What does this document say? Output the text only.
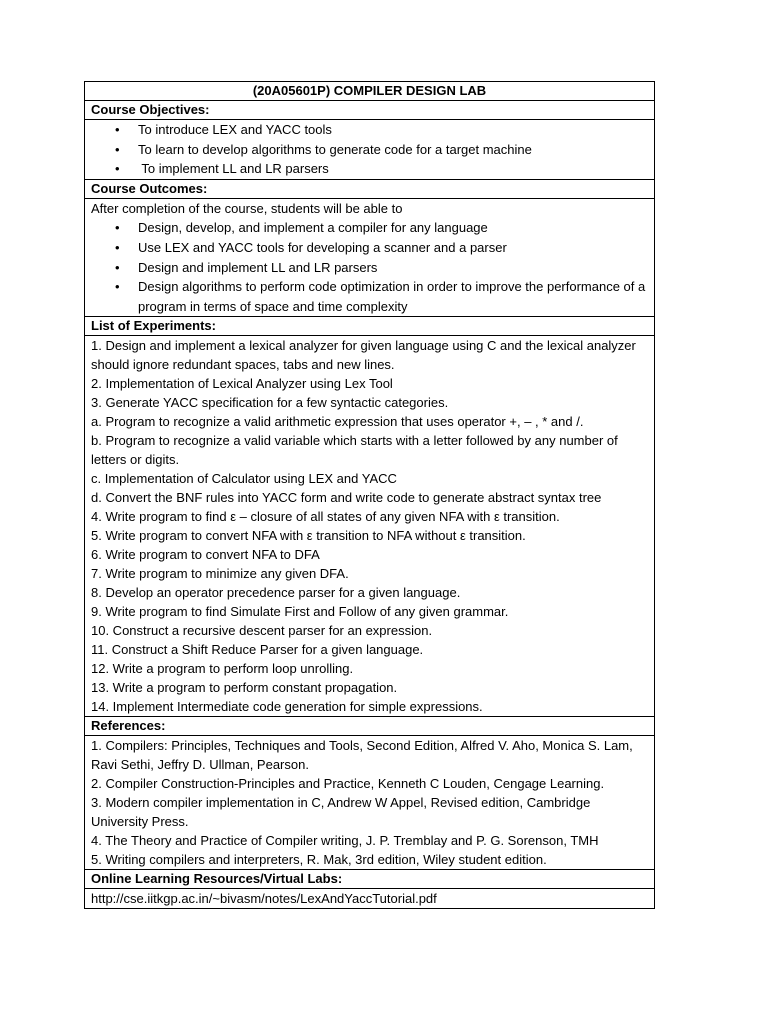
(20A05601P) COMPILER DESIGN LAB
Course Objectives:
• To introduce LEX and YACC tools
• To learn to develop algorithms to generate code for a target machine
• To implement LL and LR parsers
Course Outcomes:
After completion of the course, students will be able to
• Design, develop, and implement a compiler for any language
• Use LEX and YACC tools for developing a scanner and a parser
• Design and implement LL and LR parsers
• Design algorithms to perform code optimization in order to improve the performance of a program in terms of space and time complexity
List of Experiments:
1. Design and implement a lexical analyzer for given language using C and the lexical analyzer should ignore redundant spaces, tabs and new lines.
2. Implementation of Lexical Analyzer using Lex Tool
3. Generate YACC specification for a few syntactic categories.
a. Program to recognize a valid arithmetic expression that uses operator +, – , * and /.
b. Program to recognize a valid variable which starts with a letter followed by any number of letters or digits.
c. Implementation of Calculator using LEX and YACC
d. Convert the BNF rules into YACC form and write code to generate abstract syntax tree
4. Write program to find ε – closure of all states of any given NFA with ε transition.
5. Write program to convert NFA with ε transition to NFA without ε transition.
6. Write program to convert NFA to DFA
7. Write program to minimize any given DFA.
8. Develop an operator precedence parser for a given language.
9. Write program to find Simulate First and Follow of any given grammar.
10. Construct a recursive descent parser for an expression.
11. Construct a Shift Reduce Parser for a given language.
12. Write a program to perform loop unrolling.
13. Write a program to perform constant propagation.
14. Implement Intermediate code generation for simple expressions.
References:
1. Compilers: Principles, Techniques and Tools, Second Edition, Alfred V. Aho, Monica S. Lam, Ravi Sethi, Jeffry D. Ullman, Pearson.
2. Compiler Construction-Principles and Practice, Kenneth C Louden, Cengage Learning.
3. Modern compiler implementation in C, Andrew W Appel, Revised edition, Cambridge University Press.
4. The Theory and Practice of Compiler writing, J. P. Tremblay and P. G. Sorenson, TMH
5. Writing compilers and interpreters, R. Mak, 3rd edition, Wiley student edition.
Online Learning Resources/Virtual Labs:
http://cse.iitkgp.ac.in/~bivasm/notes/LexAndYaccTutorial.pdf
